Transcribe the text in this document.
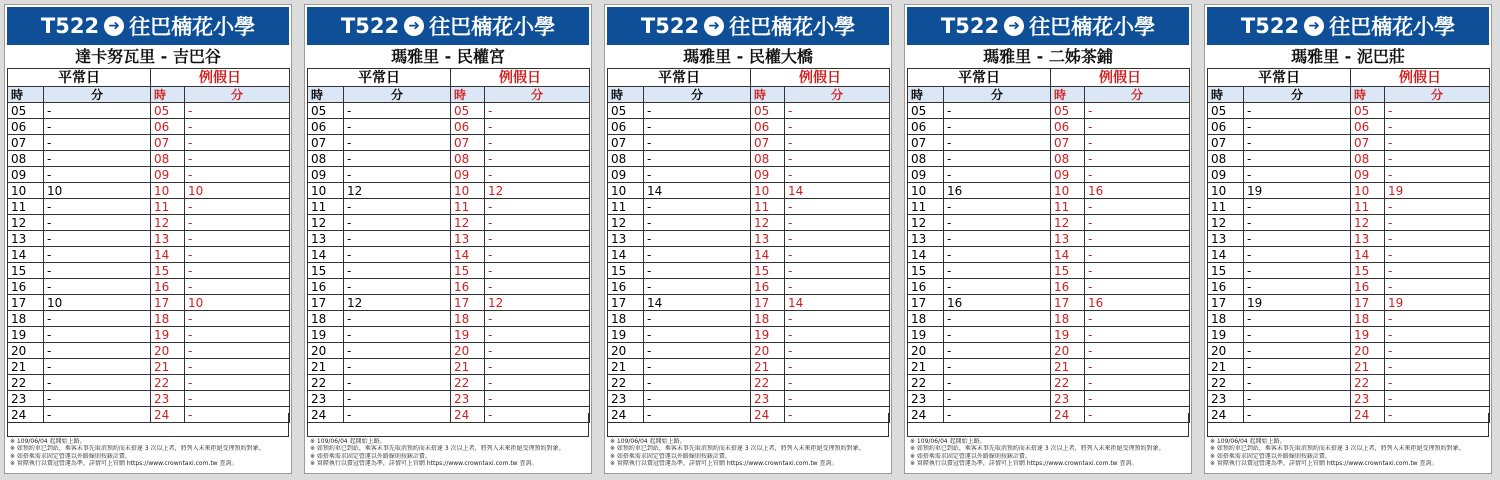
T522 ➜ 往巴楠花小學
達卡努瓦里 - 吉巴谷
平常日		例假日	
時	分	時	分
05	-	05	-
06	-	06	-
07	-	07	-
08	-	08	-
09	-	09	-
10	10	10	10
11	-	11	-
12	-	12	-
13	-	13	-
14	-	14	-
15	-	15	-
16	-	16	-
17	10	17	10
18	-	18	-
19	-	19	-
20	-	20	-
21	-	21	-
22	-	22	-
23	-	23	-
24	-	24	-
※ 109/06/04 起開始上路。
※ 如預約車已到站，乘客未事先取消預約而未搭達 3 次以上者，將列入未來拒絕受理預約對象。
※ 如搭乘需求固定營運以外路線則按錶計費。
※ 實際執行以費冠營運為準，詳情可上官網 https://www.crowntaxi.com.tw 查詢。
T522 ➜ 往巴楠花小學
瑪雅里 - 民權宮
平常日		例假日	
時	分	時	分
05	-	05	-
06	-	06	-
07	-	07	-
08	-	08	-
09	-	09	-
10	12	10	12
11	-	11	-
12	-	12	-
13	-	13	-
14	-	14	-
15	-	15	-
16	-	16	-
17	12	17	12
18	-	18	-
19	-	19	-
20	-	20	-
21	-	21	-
22	-	22	-
23	-	23	-
24	-	24	-
※ 109/06/04 起開始上路。
※ 如預約車已到站，乘客未事先取消預約而未搭達 3 次以上者，將列入未來拒絕受理預約對象。
※ 如搭乘需求固定營運以外路線則按錶計費。
※ 實際執行以費冠營運為準，詳情可上官網 https://www.crowntaxi.com.tw 查詢。
T522 ➜ 往巴楠花小學
瑪雅里 - 民權大橋
平常日		例假日	
時	分	時	分
05	-	05	-
06	-	06	-
07	-	07	-
08	-	08	-
09	-	09	-
10	14	10	14
11	-	11	-
12	-	12	-
13	-	13	-
14	-	14	-
15	-	15	-
16	-	16	-
17	14	17	14
18	-	18	-
19	-	19	-
20	-	20	-
21	-	21	-
22	-	22	-
23	-	23	-
24	-	24	-
※ 109/06/04 起開始上路。
※ 如預約車已到站，乘客未事先取消預約而未搭達 3 次以上者，將列入未來拒絕受理預約對象。
※ 如搭乘需求固定營運以外路線則按錶計費。
※ 實際執行以費冠營運為準，詳情可上官網 https://www.crowntaxi.com.tw 查詢。
T522 ➜ 往巴楠花小學
瑪雅里 - 二姊茶鋪
平常日		例假日	
時	分	時	分
05	-	05	-
06	-	06	-
07	-	07	-
08	-	08	-
09	-	09	-
10	16	10	16
11	-	11	-
12	-	12	-
13	-	13	-
14	-	14	-
15	-	15	-
16	-	16	-
17	16	17	16
18	-	18	-
19	-	19	-
20	-	20	-
21	-	21	-
22	-	22	-
23	-	23	-
24	-	24	-
※ 109/06/04 起開始上路。
※ 如預約車已到站，乘客未事先取消預約而未搭達 3 次以上者，將列入未來拒絕受理預約對象。
※ 如搭乘需求固定營運以外路線則按錶計費。
※ 實際執行以費冠營運為準，詳情可上官網 https://www.crowntaxi.com.tw 查詢。
T522 ➜ 往巴楠花小學
瑪雅里 - 泥巴莊
平常日		例假日	
時	分	時	分
05	-	05	-
06	-	06	-
07	-	07	-
08	-	08	-
09	-	09	-
10	19	10	19
11	-	11	-
12	-	12	-
13	-	13	-
14	-	14	-
15	-	15	-
16	-	16	-
17	19	17	19
18	-	18	-
19	-	19	-
20	-	20	-
21	-	21	-
22	-	22	-
23	-	23	-
24	-	24	-
※ 109/06/04 起開始上路。
※ 如預約車已到站，乘客未事先取消預約而未搭達 3 次以上者，將列入未來拒絕受理預約對象。
※ 如搭乘需求固定營運以外路線則按錶計費。
※ 實際執行以費冠營運為準，詳情可上官網 https://www.crowntaxi.com.tw 查詢。
